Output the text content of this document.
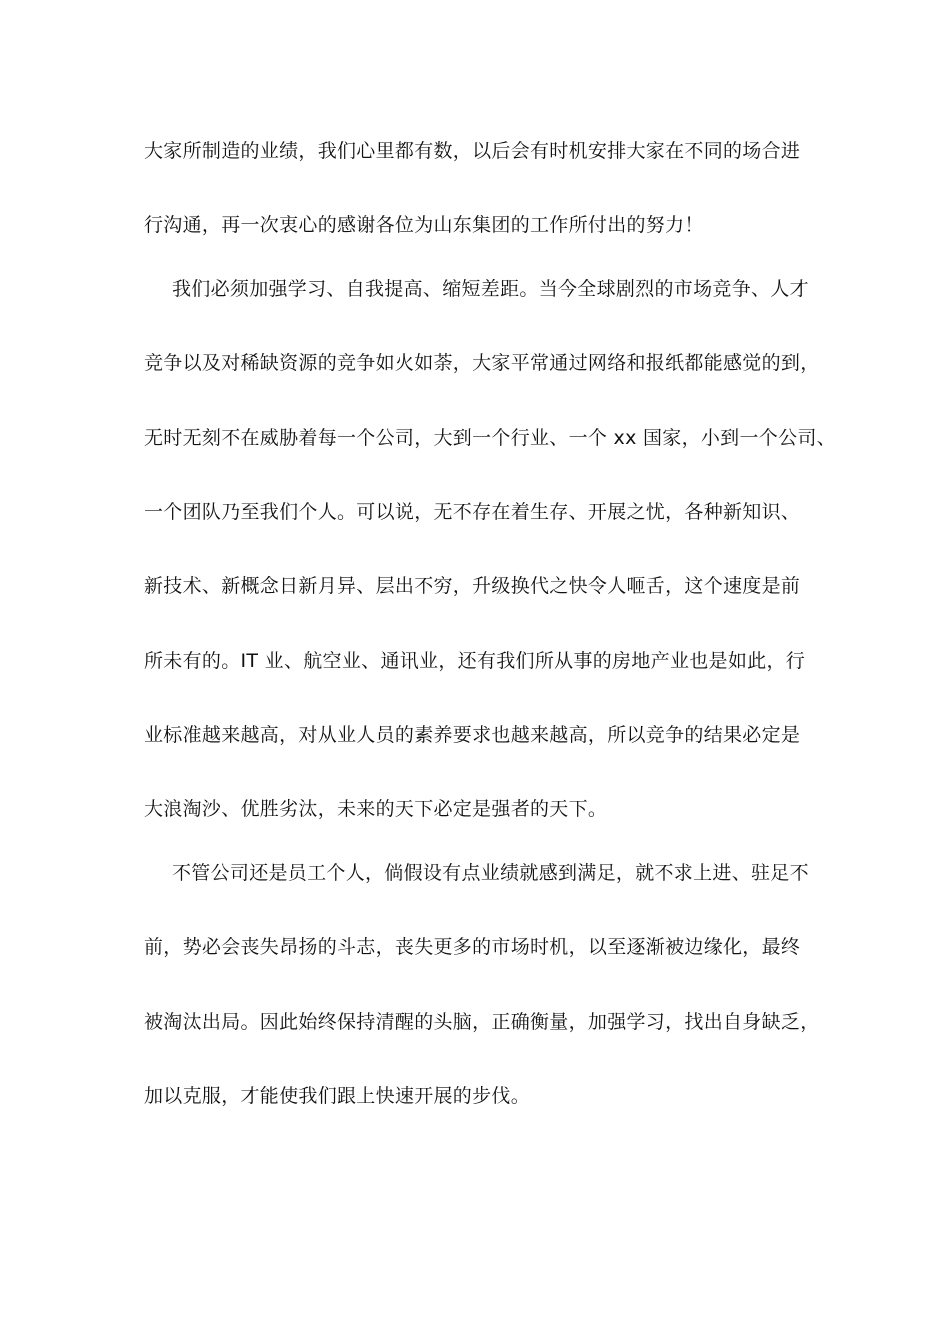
大家所制造的业绩，我们心里都有数，以后会有时机安排大家在不同的场合进
行沟通，再一次衷心的感谢各位为山东集团的工作所付出的努力！
我们必须加强学习、自我提高、缩短差距。当今全球剧烈的市场竞争、人才
竞争以及对稀缺资源的竞争如火如荼，大家平常通过网络和报纸都能感觉的到，
无时无刻不在威胁着每一个公司，大到一个行业、一个 xx 国家，小到一个公司、
一个团队乃至我们个人。可以说，无不存在着生存、开展之忧，各种新知识、
新技术、新概念日新月异、层出不穷，升级换代之快令人咂舌，这个速度是前
所未有的。IT 业、航空业、通讯业，还有我们所从事的房地产业也是如此，行
业标准越来越高，对从业人员的素养要求也越来越高，所以竞争的结果必定是
大浪淘沙、优胜劣汰，未来的天下必定是强者的天下。
不管公司还是员工个人，倘假设有点业绩就感到满足，就不求上进、驻足不
前，势必会丧失昂扬的斗志，丧失更多的市场时机，以至逐渐被边缘化，最终
被淘汰出局。因此始终保持清醒的头脑，正确衡量，加强学习，找出自身缺乏，
加以克服，才能使我们跟上快速开展的步伐。
